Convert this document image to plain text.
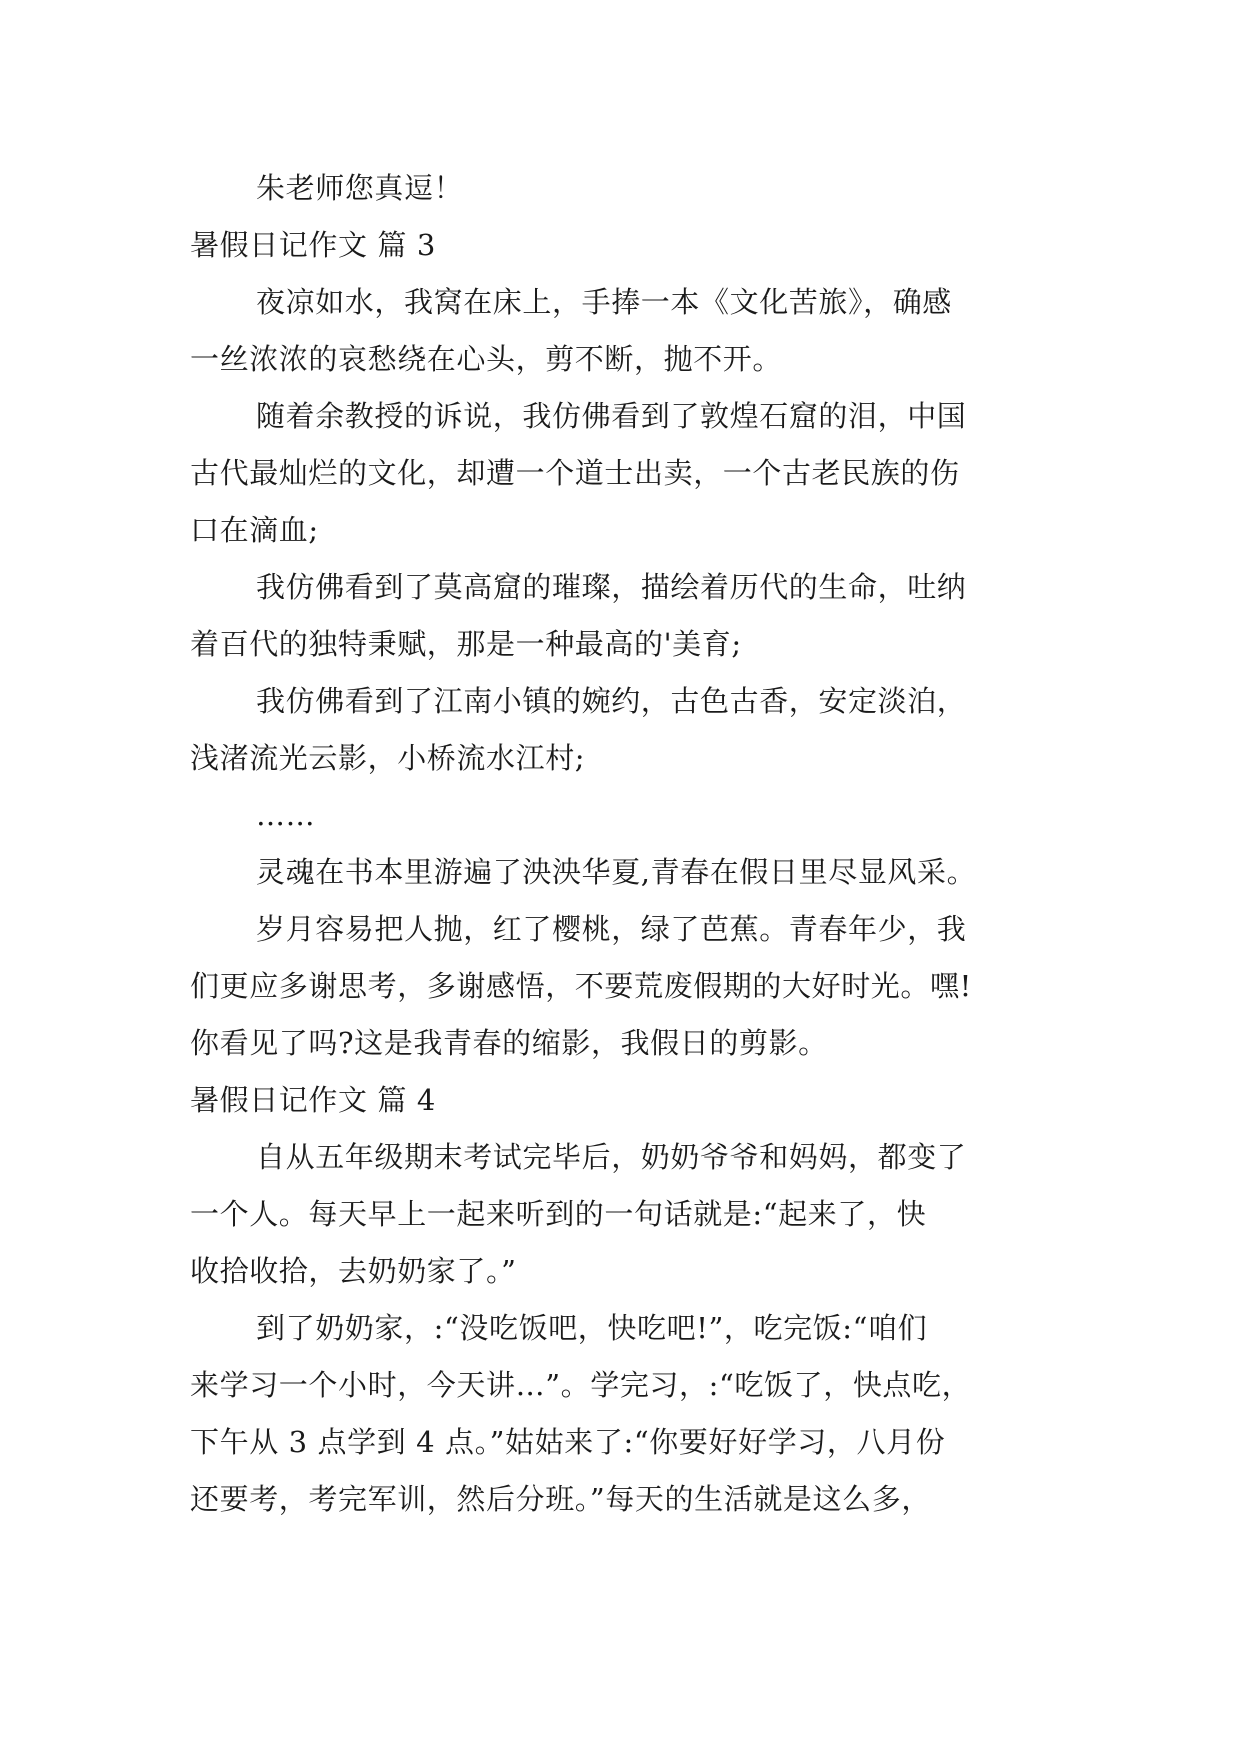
朱老师您真逗！
暑假日记作文 篇 3
夜凉如水，我窝在床上，手捧一本《文化苦旅》，确感
一丝浓浓的哀愁绕在心头，剪不断，抛不开。
随着余教授的诉说，我仿佛看到了敦煌石窟的泪，中国
古代最灿烂的文化，却遭一个道士出卖，一个古老民族的伤
口在滴血;
我仿佛看到了莫高窟的璀璨，描绘着历代的生命，吐纳
着百代的独特秉赋，那是一种最高的'美育;
我仿佛看到了江南小镇的婉约，古色古香，安定淡泊，
浅渚流光云影，小桥流水江村;
……
灵魂在书本里游遍了泱泱华夏,青春在假日里尽显风采。
岁月容易把人抛，红了樱桃，绿了芭蕉。青春年少，我
们更应多谢思考，多谢感悟，不要荒废假期的大好时光。嘿!
你看见了吗?这是我青春的缩影，我假日的剪影。
暑假日记作文 篇 4
自从五年级期末考试完毕后，奶奶爷爷和妈妈，都变了
一个人。每天早上一起来听到的一句话就是:“起来了，快
收拾收拾，去奶奶家了。”
到了奶奶家，:“没吃饭吧，快吃吧!”，吃完饭:“咱们
来学习一个小时，今天讲…”。学完习，:“吃饭了，快点吃，
下午从 3 点学到 4 点。”姑姑来了:“你要好好学习，八月份
还要考，考完军训，然后分班。”每天的生活就是这么多，
